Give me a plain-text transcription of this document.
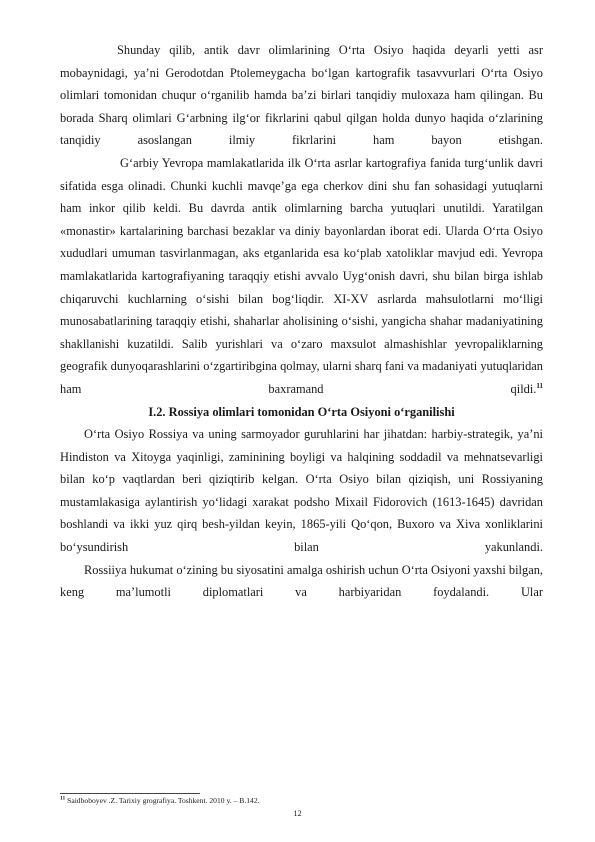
Shunday qilib, antik davr olimlarining O‘rta Osiyo haqida deyarli yetti asr mobaynidagi, ya’ni Gerodotdan Ptolemeygacha bo‘lgan kartografik tasavvurlari O‘rta Osiyo olimlari tomonidan chuqur o‘rganilib hamda ba’zi birlari tanqidiy muloxaza ham qilingan. Bu borada Sharq olimlari G‘arbning ilg‘or fikrlarini qabul qilgan holda dunyo haqida o‘zlarining tanqidiy asoslangan ilmiy fikrlarini ham bayon etishgan.

G‘arbiy Yevropa mamlakatlarida ilk O‘rta asrlar kartografiya fanida turg‘unlik davri sifatida esga olinadi. Chunki kuchli mavqe’ga ega cherkov dini shu fan sohasidagi yutuqlarni ham inkor qilib keldi. Bu davrda antik olimlarning barcha yutuqlari unutildi. Yaratilgan «monastir» kartalarining barchasi bezaklar va diniy bayonlardan iborat edi. Ularda O‘rta Osiyo xududlari umuman tasvirlanmagan, aks etganlarida esa ko‘plab xatoliklar mavjud edi. Yevropa mamlakatlarida kartografiyaning taraqqiy etishi avvalo Uyg‘onish davri, shu bilan birga ishlab chiqaruvchi kuchlarning o‘sishi bilan bog‘liqdir. XI-XV asrlarda mahsulotlarni mo‘lligi munosabatlarining taraqqiy etishi, shaharlar aholisining o‘sishi, yangicha shahar madaniyatining shakllanishi kuzatildi. Salib yurishlari va o‘zaro maxsulot almashishlar yevropaliklarning geografik dunyoqarashlarini o‘zgartiribgina qolmay, ularni sharq fani va madaniyati yutuqlaridan ham baxramand qildi.$^{11}$

I.2. Rossiya olimlari tomonidan O‘rta Osiyoni o‘rganilishi

O‘rta Osiyo Rossiya va uning sarmoyador guruhlarini har jihatdan: harbiy-strategik, ya’ni Hindiston va Xitoyga yaqinligi, zaminining boyligi va halqining soddadil va mehnatsevarligi bilan ko‘p vaqtlardan beri qiziqtirib kelgan. O‘rta Osiyo bilan qiziqish, uni Rossiyaning mustamlakasiga aylantirish yo‘lidagi xarakat podsho Mixail Fidorovich (1613-1645) davridan boshlandi va ikki yuz qirq besh-yildan keyin, 1865-yili Qo‘qon, Buxoro va Xiva xonliklarini bo‘ysundirish bilan yakunlandi.

Rossiiya hukumat o‘zining bu siyosatini amalga oshirish uchun O‘rta Osiyoni yaxshi bilgan, keng ma’lumotli diplomatlari va harbiyaridan foydalandi. Ular

$^{11}$ Saidboboyev .Z. Tarixiy grografiya. Toshkent. 2010 y. – B.142.
12
